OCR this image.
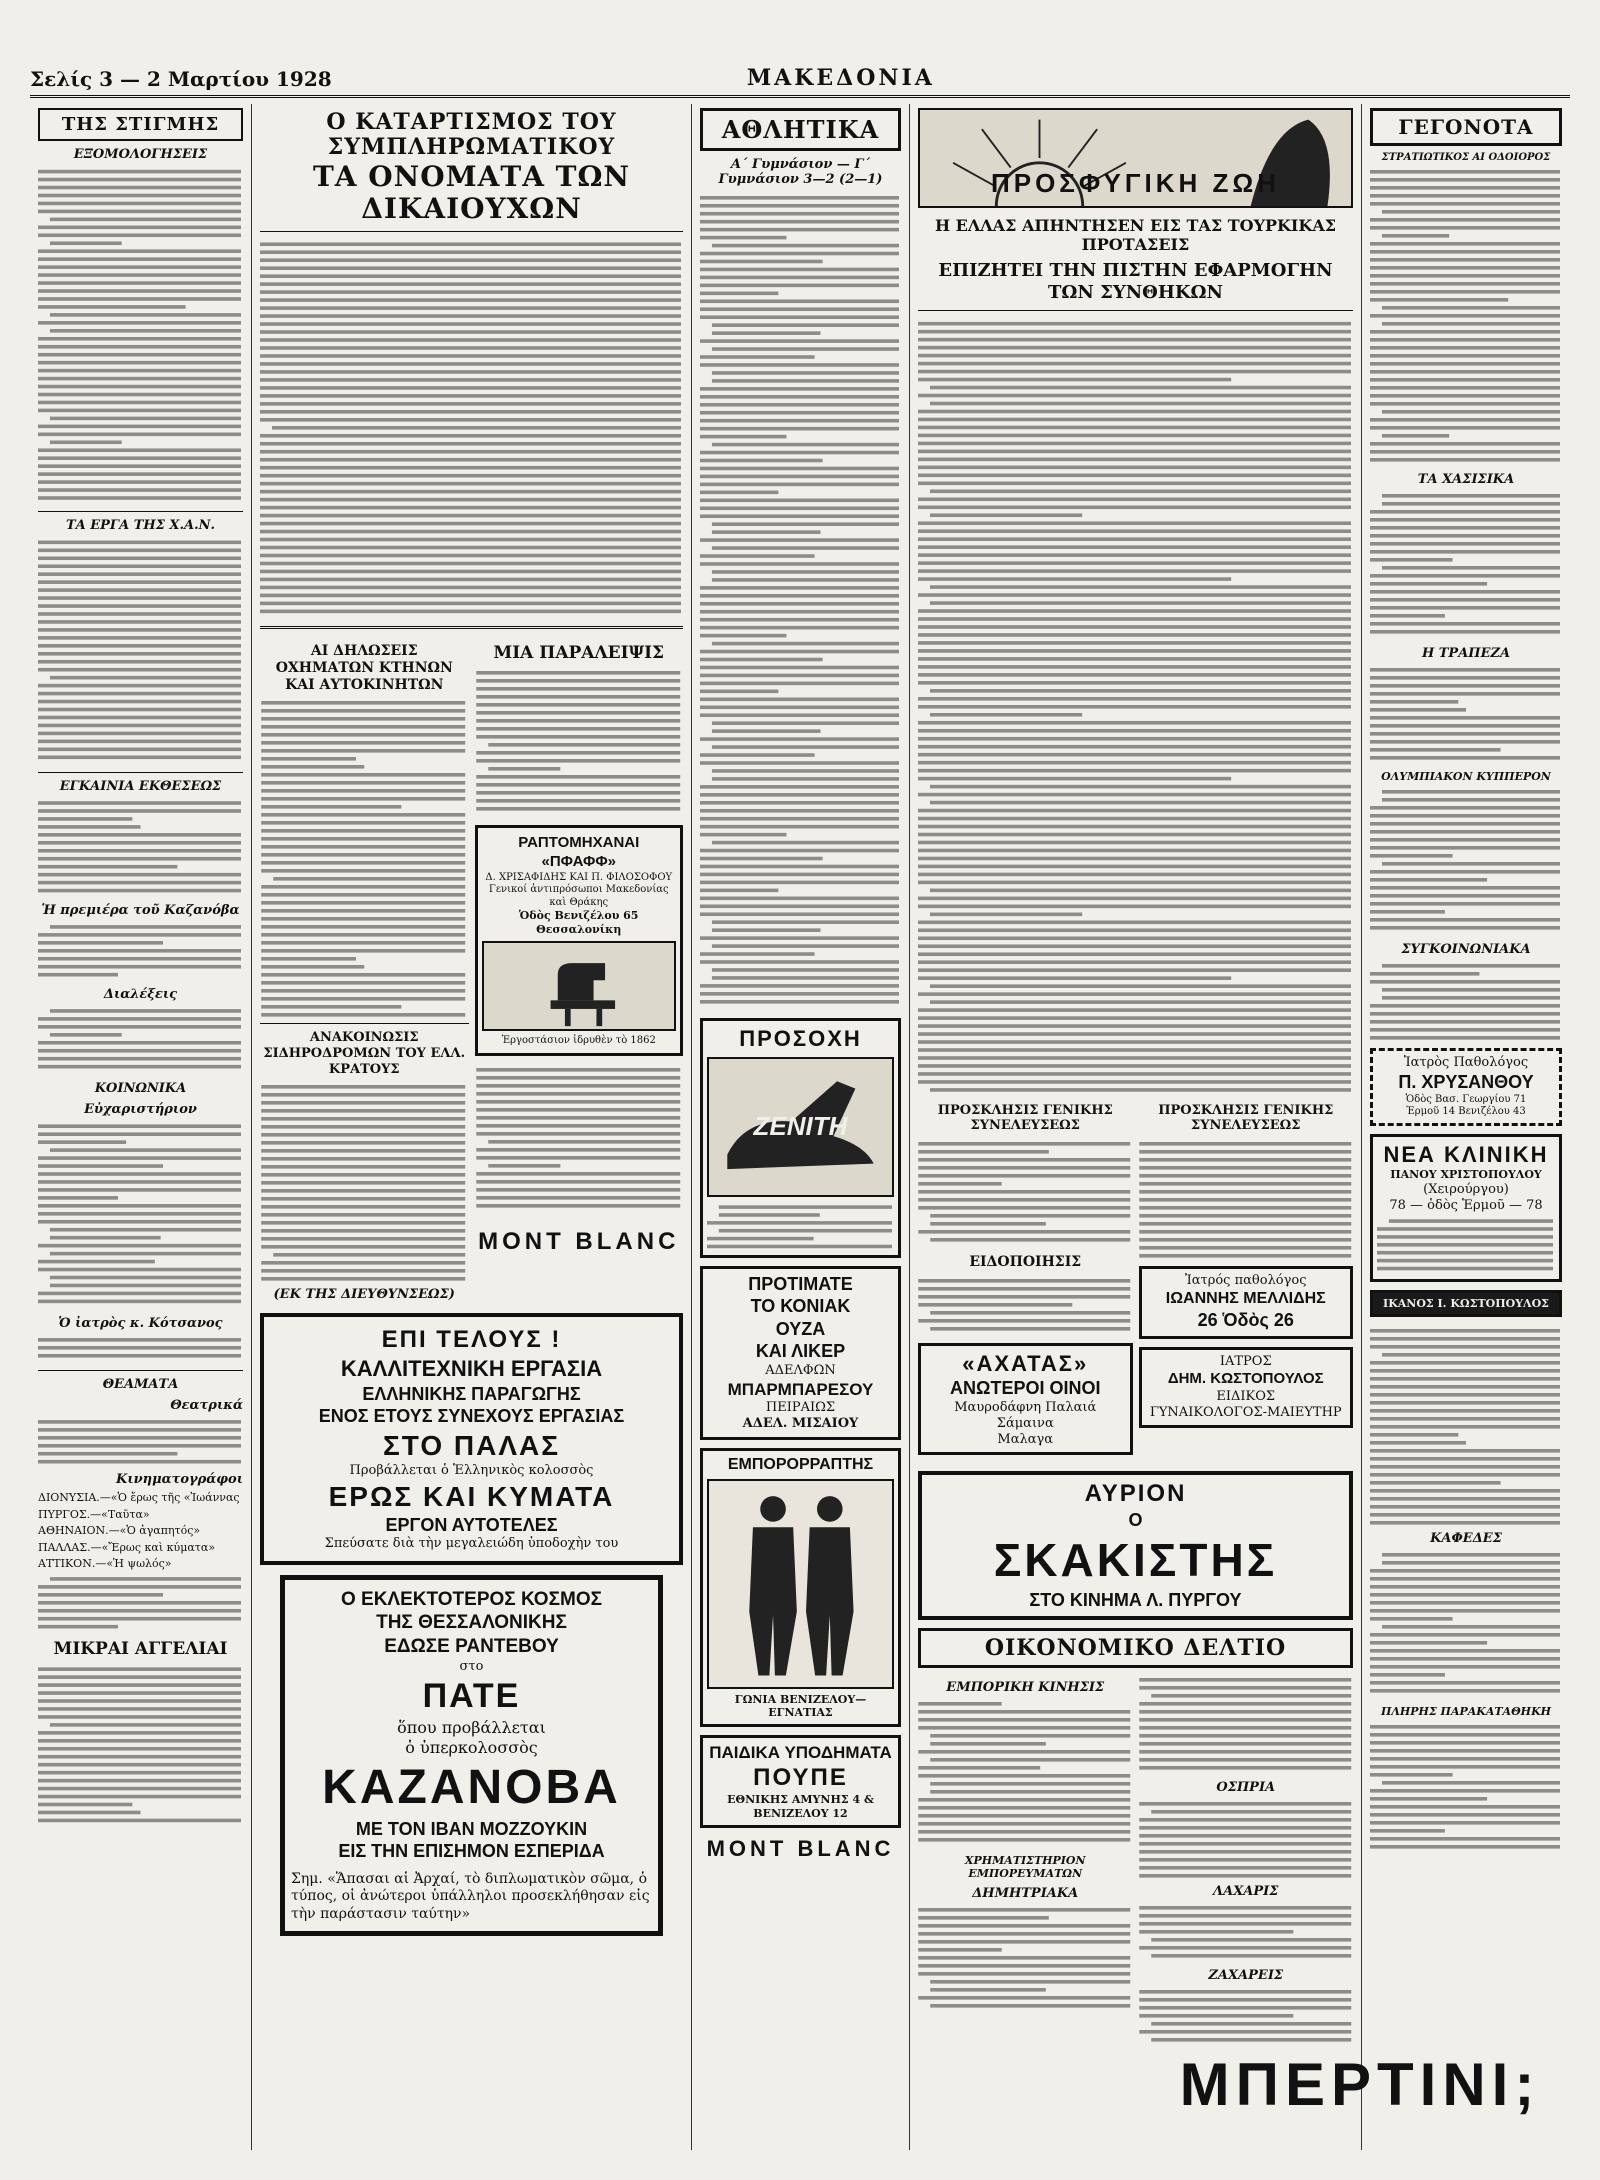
Σελίς 3 — 2 Μαρτίου 1928	ΜΑΚΕΔΟΝΙΑ
ΤΗΣ ΣΤΙΓΜΗΣ
ΕΞΟΜΟΛΟΓΗΣΕΙΣ
ΤΑ ΕΡΓΑ ΤΗΣ Χ.Α.Ν.
ΕΓΚΑΙΝΙΑ ΕΚΘΕΣΕΩΣ
Ἡ πρεμιέρα τοῦ Καζανόβα
Διαλέξεις
ΚΟΙΝΩΝΙΚΑ
Εὐχαριστήριον
Ὁ ἰατρὸς κ. Κότσανος
ΘΕΑΜΑΤΑ
Θεατρικά
Κινηματογράφοι
ΔΙΟΝΥΣΙΑ.—«Ὁ ἔρως τῆς «Ἰωάννας
ΠΥΡΓΟΣ.—«Ταῦτα»
ΑΘΗΝΑΙΟΝ.—«Ὁ ἀγαπητός»
ΠΑΛΛΑΣ.—«Ἔρως καὶ κύματα»
ΑΤΤΙΚΟΝ.—«Ἡ ψωλός»
ΜΙΚΡΑΙ ΑΓΓΕΛΙΑΙ
Ο ΚΑΤΑΡΤΙΣΜΟΣ ΤΟΥ ΣΥΜΠΛΗΡΩΜΑΤΙΚΟΥ
ΤΑ ΟΝΟΜΑΤΑ ΤΩΝ ΔΙΚΑΙΟΥΧΩΝ
ΑΙ ΔΗΛΩΣΕΙΣ ΟΧΗΜΑΤΩΝ ΚΤΗΝΩΝ ΚΑΙ ΑΥΤΟΚΙΝΗΤΩΝ
ΑΝΑΚΟΙΝΩΣΙΣ ΣΙΔΗΡΟΔΡΟΜΩΝ ΤΟΥ ΕΛΛ. ΚΡΑΤΟΥΣ
(ΕΚ ΤΗΣ ΔΙΕΥΘΥΝΣΕΩΣ)
ΜΙΑ ΠΑΡΑΛΕΙΨΙΣ
ΡΑΠΤΟΜΗΧΑΝΑΙ «ΠΦΑΦΦ»
Δ. ΧΡΙΣΑΦΙΔΗΣ ΚΑΙ Π. ΦΙΛΟΣΟΦΟΥ
Γενικοί ἀντιπρόσωποι Μακεδονίας καὶ Θράκης
Ὁδὸς Βενιζέλου 65 Θεσσαλονίκη
Ἐργοστάσιον ἱδρυθὲν τὸ 1862
MONT BLANC
ΕΠΙ ΤΕΛΟΥΣ !
ΚΑΛΛΙΤΕΧΝΙΚΗ ΕΡΓΑΣΙΑ
ΕΛΛΗΝΙΚΗΣ ΠΑΡΑΓΩΓΗΣ
ΕΝΟΣ ΕΤΟΥΣ ΣΥΝΕΧΟΥΣ ΕΡΓΑΣΙΑΣ
ΣΤΟ ΠΑΛΑΣ
Προβάλλεται ὁ Ἑλληνικὸς κολοσσὸς
ΕΡΩΣ ΚΑΙ ΚΥΜΑΤΑ
ΕΡΓΟΝ ΑΥΤΟΤΕΛΕΣ
Σπεύσατε διὰ τὴν μεγαλειώδη ὑποδοχὴν του
Ο ΕΚΛΕΚΤΟΤΕΡΟΣ ΚΟΣΜΟΣ
ΤΗΣ ΘΕΣΣΑΛΟΝΙΚΗΣ
ΕΔΩΣΕ ΡΑΝΤΕΒΟΥ
στο
ΠΑΤΕ
ὅπου προβάλλεται
ὁ ὑπερκολοσσὸς
ΚΑΖΑΝΟΒΑ
ΜΕ ΤΟΝ ΙΒΑΝ ΜΟΖΖΟΥΚΙΝ
ΕΙΣ ΤΗΝ ΕΠΙΣΗΜΟΝ ΕΣΠΕΡΙΔΑ
Σημ. «Ἅπασαι αἱ Ἀρχαί, τὸ διπλωματικὸν σῶμα, ὁ τύπος, οἱ ἀνώτεροι ὑπάλληλοι προσεκλήθησαν εἰς τὴν παράστασιν ταύτην»
ΑΘΛΗΤΙΚΑ
Α΄ Γυμνάσιον — Γ΄ Γυμνάσιον 3—2 (2—1)
ΠΡΟΣΟΧΗ
ZENITH
ΠΡΟΤΙΜΑΤΕ
ΤΟ ΚΟΝΙΑΚ
ΟΥΖΑ
ΚΑΙ ΛΙΚΕΡ
ΑΔΕΛΦΩΝ
ΜΠΑΡΜΠΑΡΕΣΟΥ
ΠΕΙΡΑΙΩΣ
ΑΔΕΛ. ΜΙΣΑΙΟΥ
ΕΜΠΟΡΟΡΡΑΠΤΗΣ
ΓΩΝΙΑ ΒΕΝΙΖΕΛΟΥ—ΕΓΝΑΤΙΑΣ
ΠΑΙΔΙΚΑ ΥΠΟΔΗΜΑΤΑ
ΠΟΥΠΕ
ΕΘΝΙΚΗΣ ΑΜΥΝΗΣ 4 & ΒΕΝΙΖΕΛΟΥ 12
MONT BLANC
ΠΡΟΣΦΥΓΙΚΗ ΖΩΗ
Η ΕΛΛΑΣ ΑΠΗΝΤΗΣΕΝ ΕΙΣ ΤΑΣ ΤΟΥΡΚΙΚΑΣ ΠΡΟΤΑΣΕΙΣ
ΕΠΙΖΗΤΕΙ ΤΗΝ ΠΙΣΤΗΝ ΕΦΑΡΜΟΓΗΝ ΤΩΝ ΣΥΝΘΗΚΩΝ
ΠΡΟΣΚΛΗΣΙΣ ΓΕΝΙΚΗΣ ΣΥΝΕΛΕΥΣΕΩΣ
ΕΙΔΟΠΟΙΗΣΙΣ
«ΑΧΑΤΑΣ»
ΑΝΩΤΕΡΟΙ ΟΙΝΟΙ
Μαυροδάφνη Παλαιά
Σάμαινα
Μαλαγα
ΠΡΟΣΚΛΗΣΙΣ ΓΕΝΙΚΗΣ ΣΥΝΕΛΕΥΣΕΩΣ
Ἰατρός παθολόγος
ΙΩΑΝΝΗΣ ΜΕΛΛΙΔΗΣ
26 Ὁδὸς 26
ΙΑΤΡΟΣ
ΔΗΜ. ΚΩΣΤΟΠΟΥΛΟΣ
ΕΙΔΙΚΟΣ
ΓΥΝΑΙΚΟΛΟΓΟΣ-ΜΑΙΕΥΤΗΡ
ΑΥΡΙΟΝ
Ο
ΣΚΑΚΙΣΤΗΣ
ΣΤΟ ΚΙΝΗΜΑ Λ. ΠΥΡΓΟΥ
ΟΙΚΟΝΟΜΙΚΟ ΔΕΛΤΙΟ
ΕΜΠΟΡΙΚΗ ΚΙΝΗΣΙΣ
ΧΡΗΜΑΤΙΣΤΗΡΙΟΝ ΕΜΠΟΡΕΥΜΑΤΩΝ
ΔΗΜΗΤΡΙΑΚΑ
ΟΣΠΡΙΑ
ΛΑΧΑΡΙΣ
ΖΑΧΑΡΕΙΣ
ΓΕΓΟΝΟΤΑ
ΣΤΡΑΤΙΩΤΙΚΟΣ ΑΙ ΟΔΟΙΟΡΟΣ
ΤΑ ΧΑΣΙΣΙΚΑ
Η ΤΡΑΠΕΖΑ
ΟΛΥΜΠΙΑΚΟΝ ΚΥΠΠΕΡΟΝ
ΣΥΓΚΟΙΝΩΝΙΑΚΑ
Ἰατρὸς Παθολόγος
Π. ΧΡΥΣΑΝΘΟΥ
Ὁδὸς Βασ. Γεωργίου 71
Ἐρμοῦ 14 Βενιζέλου 43
ΝΕΑ ΚΛΙΝΙΚΗ
ΠΑΝΟΥ ΧΡΙΣΤΟΠΟΥΛΟΥ
(Χειρούργου)
78 — ὁδὸς Ἑρμοῦ — 78
ΙΚΑΝΟΣ Ι. ΚΩΣΤΟΠΟΥΛΟΣ
ΚΑΦΕΔΕΣ
ΠΛΗΡΗΣ ΠΑΡΑΚΑΤΑΘΗΚΗ
ΜΠΕΡΤΙΝΙ;
